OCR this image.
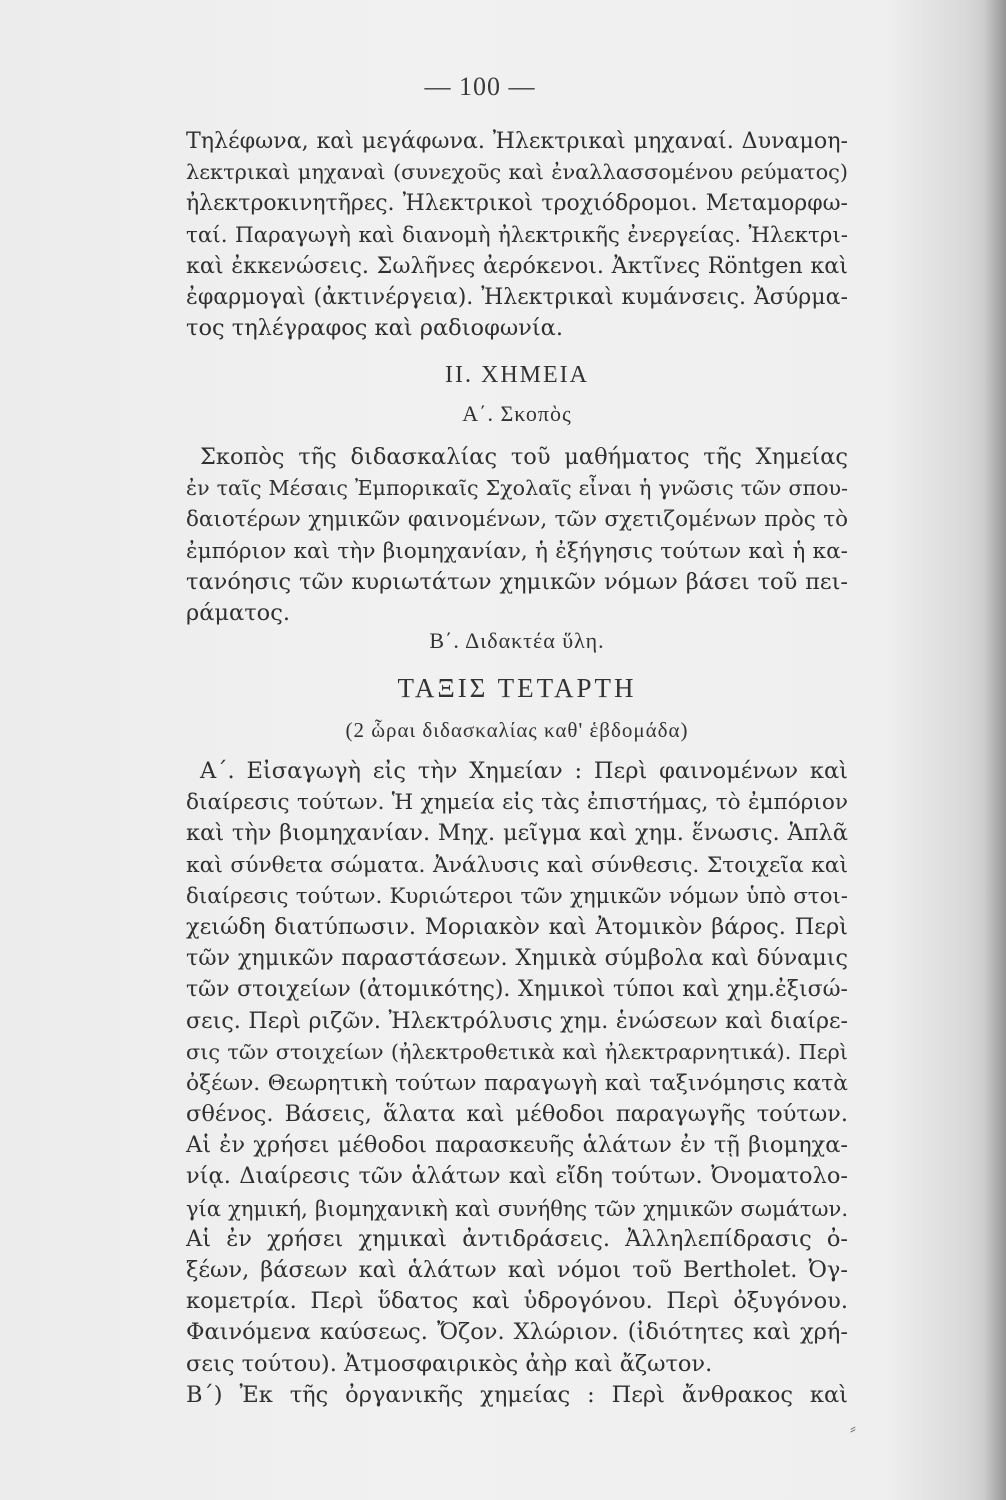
— 100 —
Τηλέφωνα, καὶ μεγάφωνα. Ἠλεκτρικαὶ μηχαναί. Δυναμοη-
λεκτρικαὶ μηχαναὶ (συνεχοῦς καὶ ἐναλλασσομένου ρεύματος)
ἠλεκτροκινητῆρες. Ἠλεκτρικοὶ τροχιόδρομοι. Μεταμορφω-
ταί. Παραγωγὴ καὶ διανομὴ ἠλεκτρικῆς ἐνεργείας. Ἠλεκτρι-
καὶ ἐκκενώσεις. Σωλῆνες ἀερόκενοι. Ἀκτῖνες Röntgen καὶ
ἐφαρμογαὶ (ἀκτινέργεια). Ἠλεκτρικαὶ κυμάνσεις. Ἀσύρμα-
τος τηλέγραφος καὶ ραδιοφωνία.
ΙΙ. ΧΗΜΕΙΑ
Α΄. Σκοπὸς
Σκοπὸς τῆς διδασκαλίας τοῦ μαθήματος τῆς Χημείας
ἐν ταῖς Μέσαις Ἐμπορικαῖς Σχολαῖς εἶναι ἡ γνῶσις τῶν σπου-
δαιοτέρων χημικῶν φαινομένων, τῶν σχετιζομένων πρὸς τὸ
ἐμπόριον καὶ τὴν βιομηχανίαν, ἡ ἐξήγησις τούτων καὶ ἡ κα-
τανόησις τῶν κυριωτάτων χημικῶν νόμων βάσει τοῦ πει-
ράματος.
Β΄. Διδακτέα ὕλη.
ΤΑΞΙΣ ΤΕΤΑΡΤΗ
(2 ὧραι διδασκαλίας καθ' ἑβδομάδα)
Α΄. Εἰσαγωγὴ εἰς τὴν Χημείαν : Περὶ φαινομένων καὶ
διαίρεσις τούτων. Ἡ χημεία εἰς τὰς ἐπιστήμας, τὸ ἐμπόριον
καὶ τὴν βιομηχανίαν. Μηχ. μεῖγμα καὶ χημ. ἕνωσις. Ἁπλᾶ
καὶ σύνθετα σώματα. Ἀνάλυσις καὶ σύνθεσις. Στοιχεῖα καὶ
διαίρεσις τούτων. Κυριώτεροι τῶν χημικῶν νόμων ὑπὸ στοι-
χειώδη διατύπωσιν. Μοριακὸν καὶ Ἀτομικὸν βάρος. Περὶ
τῶν χημικῶν παραστάσεων. Χημικὰ σύμβολα καὶ δύναμις
τῶν στοιχείων (ἀτομικότης). Χημικοὶ τύποι καὶ χημ.ἐξισώ-
σεις. Περὶ ριζῶν. Ἠλεκτρόλυσις χημ. ἑνώσεων καὶ διαίρε-
σις τῶν στοιχείων (ἠλεκτροθετικὰ καὶ ἠλεκτραρνητικά). Περὶ
ὀξέων. Θεωρητικὴ τούτων παραγωγὴ καὶ ταξινόμησις κατὰ
σθένος. Βάσεις, ἅλατα καὶ μέθοδοι παραγωγῆς τούτων.
Αἱ ἐν χρήσει μέθοδοι παρασκευῆς ἁλάτων ἐν τῇ βιομηχα-
νίᾳ. Διαίρεσις τῶν ἁλάτων καὶ εἴδη τούτων. Ὀνοματολο-
γία χημική, βιομηχανικὴ καὶ συνήθης τῶν χημικῶν σωμάτων.
Αἱ ἐν χρήσει χημικαὶ ἀντιδράσεις. Ἀλληλεπίδρασις ὀ-
ξέων, βάσεων καὶ ἁλάτων καὶ νόμοι τοῦ Bertholet. Ὀγ-
κομετρία. Περὶ ὕδατος καὶ ὑδρογόνου. Περὶ ὀξυγόνου.
Φαινόμενα καύσεως. Ὄζον. Χλώριον. (ἰδιότητες καὶ χρή-
σεις τούτου). Ἀτμοσφαιρικὸς ἀὴρ καὶ ἄζωτον.
Β΄) Ἐκ τῆς ὀργανικῆς χημείας : Περὶ ἄνθρακος καὶ
⸗
